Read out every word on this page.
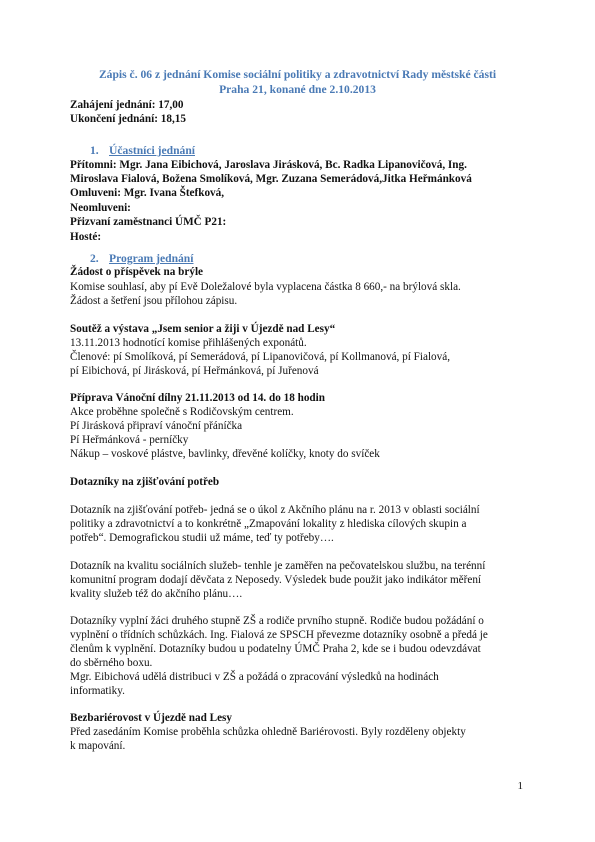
Zápis č. 06 z jednání Komise sociální politiky a zdravotnictví Rady městské části
Praha 21, konané dne 2.10.2013
Zahájení jednání: 17,00
Ukončení jednání: 18,15
1. Účastníci jednání
Přítomni: Mgr. Jana Eibichová, Jaroslava Jirásková, Bc. Radka Lipanovičová, Ing.
Miroslava Fialová, Božena Smolíková, Mgr. Zuzana Semerádová,Jitka Heřmánková
Omluveni: Mgr. Ivana Štefková,
Neomluveni:
Přizvaní zaměstnanci ÚMČ P21:
Hosté:
2. Program jednání
Žádost o příspěvek na brýle
Komise souhlasí, aby pí Evě Doležalové byla vyplacena částka 8 660,- na brýlová skla.
Žádost a šetření jsou přílohou zápisu.
Soutěž a výstava „Jsem senior a žiji v Újezdě nad Lesy“
13.11.2013 hodnotící komise přihlášených exponátů.
Členové: pí Smolíková, pí Semerádová, pí Lipanovičová, pí Kollmanová, pí Fialová,
pí Eibichová, pí Jirásková, pí Heřmánková, pí Juřenová
Příprava Vánoční dílny 21.11.2013 od 14. do 18 hodin
Akce proběhne společně s Rodičovským centrem.
Pí Jirásková připraví vánoční přáníčka
Pí Heřmánková - perníčky
Nákup – voskové plástve, bavlinky, dřevěné kolíčky, knoty do svíček
Dotazníky na zjišťování potřeb
Dotazník na zjišťování potřeb- jedná se o úkol z Akčního plánu na r. 2013 v oblasti sociální
politiky a zdravotnictví a to konkrétně „Zmapování lokality z hlediska cílových skupin a
potřeb“. Demografickou studii už máme, teď ty potřeby….
Dotazník na kvalitu sociálních služeb- tenhle je zaměřen na pečovatelskou službu, na terénní
komunitní program dodají děvčata z Neposedy. Výsledek bude použit jako indikátor měření
kvality služeb též do akčního plánu….
Dotazníky vyplní žáci druhého stupně ZŠ a rodiče prvního stupně. Rodiče budou požádání o
vyplnění o třídních schůzkách. Ing. Fialová ze SPSCH převezme dotazníky osobně a předá je
členům k vyplnění. Dotazníky budou u podatelny ÚMČ Praha 2, kde se i budou odevzdávat
do sběrného boxu.
Mgr. Eibichová udělá distribuci v ZŠ a požádá o zpracování výsledků na hodinách
informatiky.
Bezbariérovost v Újezdě nad Lesy
Před zasedáním Komise proběhla schůzka ohledně Bariérovosti. Byly rozděleny objekty
k mapování.
1
